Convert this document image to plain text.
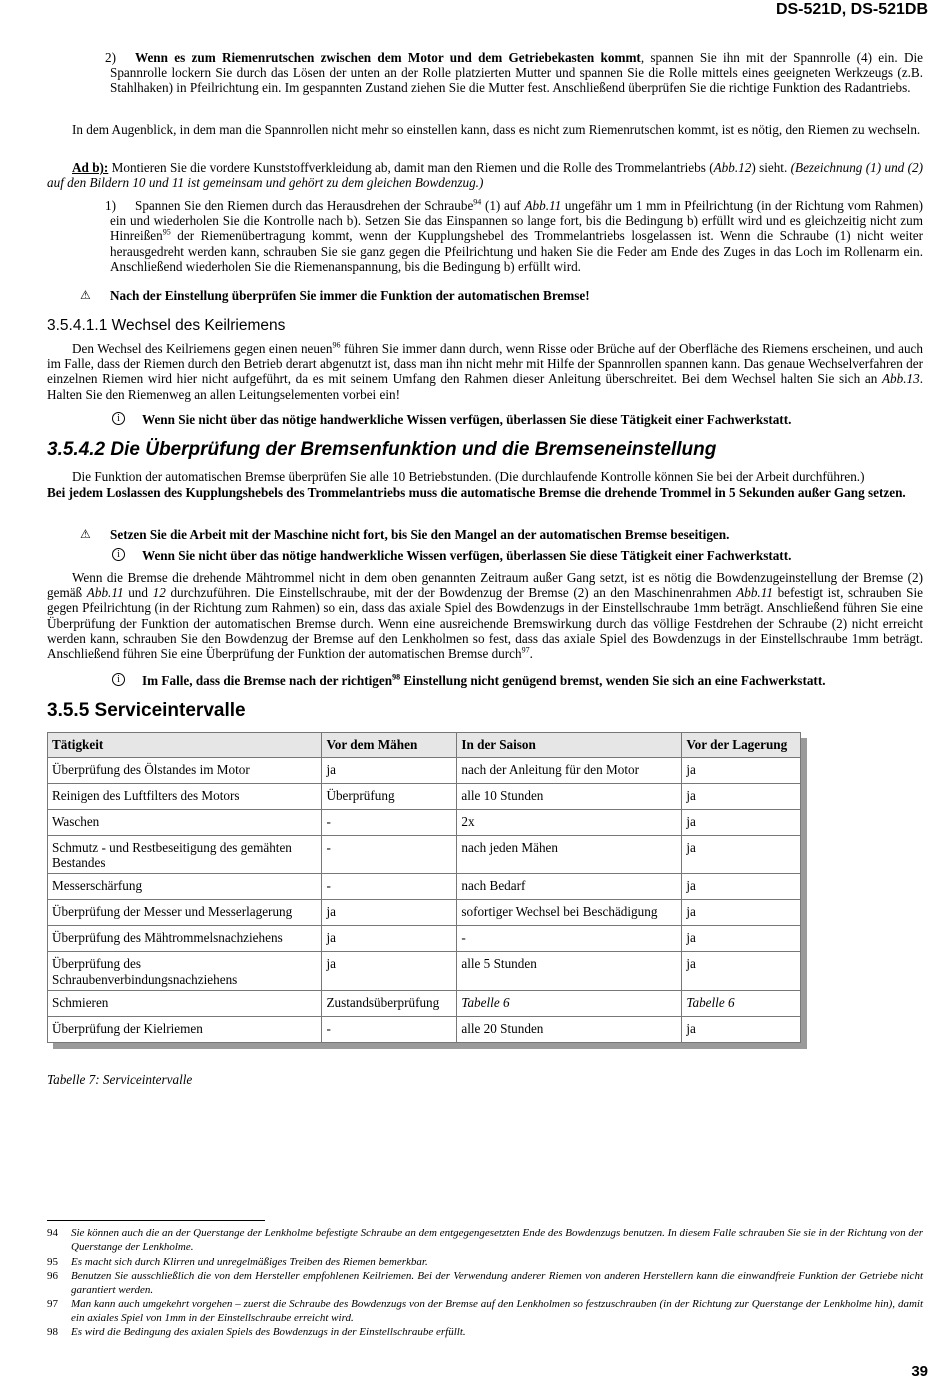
DS-521D, DS-521DB
2)	Wenn es zum Riemenrutschen zwischen dem Motor und dem Getriebekasten kommt, spannen Sie ihn mit der Spannrolle (4) ein. Die Spannrolle lockern Sie durch das Lösen der unten an der Rolle platzierten Mutter und spannen Sie die Rolle mittels eines geeigneten Werkzeugs (z.B. Stahlhaken) in Pfeilrichtung ein. Im gespannten Zustand ziehen Sie die Mutter fest. Anschließend überprüfen Sie die richtige Funktion des Radantriebs.

In dem Augenblick, in dem man die Spannrollen nicht mehr so einstellen kann, dass es nicht zum Riemenrutschen kommt, ist es nötig, den Riemen zu wechseln.

Ad b): Montieren Sie die vordere Kunststoffverkleidung ab, damit man den Riemen und die Rolle des Trommelantriebs (Abb.12) sieht. (Bezeichnung (1) und (2) auf den Bildern 10 und 11 ist gemeinsam und gehört zu dem gleichen Bowdenzug.)

1)	Spannen Sie den Riemen durch das Herausdrehen der Schraube$^{94}$ (1) auf Abb.11 ungefähr um 1 mm in Pfeilrichtung (in der Richtung vom Rahmen) ein und wiederholen Sie die Kontrolle nach b). Setzen Sie das Einspannen so lange fort, bis die Bedingung b) erfüllt wird und es gleichzeitig nicht zum Hinreißen$^{95}$ der Riemenübertragung kommt, wenn der Kupplungshebel des Trommelantriebs losgelassen ist. Wenn die Schraube (1) nicht weiter herausgedreht werden kann, schrauben Sie sie ganz gegen die Pfeilrichtung und haken Sie die Feder am Ende des Zuges in das Loch im Rollenarm ein. Anschließend wiederholen Sie die Riemenanspannung, bis die Bedingung b) erfüllt wird.

⚠ Nach der Einstellung überprüfen Sie immer die Funktion der automatischen Bremse!

3.5.4.1.1 Wechsel des Keilriemens

Den Wechsel des Keilriemens gegen einen neuen$^{96}$ führen Sie immer dann durch, wenn Risse oder Brüche auf der Oberfläche des Riemens erscheinen, und auch im Falle, dass der Riemen durch den Betrieb derart abgenutzt ist, dass man ihn nicht mehr mit Hilfe der Spannrollen spannen kann. Das genaue Wechselverfahren der einzelnen Riemen wird hier nicht aufgeführt, da es mit seinem Umfang den Rahmen dieser Anleitung überschreitet. Bei dem Wechsel halten Sie sich an Abb.13. Halten Sie den Riemenweg an allen Leitungselementen vorbei ein!

i	Wenn Sie nicht über das nötige handwerkliche Wissen verfügen, überlassen Sie diese Tätigkeit einer Fachwerkstatt.

3.5.4.2 Die Überprüfung der Bremsenfunktion und die Bremseneinstellung

Die Funktion der automatischen Bremse überprüfen Sie alle 10 Betriebstunden. (Die durchlaufende Kontrolle können Sie bei der Arbeit durchführen.)

Bei jedem Loslassen des Kupplungshebels des Trommelantriebs muss die automatische Bremse die drehende Trommel in 5 Sekunden außer Gang setzen.

⚠ Setzen Sie die Arbeit mit der Maschine nicht fort, bis Sie den Mangel an der automatischen Bremse beseitigen.

i	Wenn Sie nicht über das nötige handwerkliche Wissen verfügen, überlassen Sie diese Tätigkeit einer Fachwerkstatt.

Wenn die Bremse die drehende Mähtrommel nicht in dem oben genannten Zeitraum außer Gang setzt, ist es nötig die Bowdenzugeinstellung der Bremse (2) gemäß Abb.11 und 12 durchzuführen. Die Einstellschraube, mit der der Bowdenzug der Bremse (2) an den Maschinenrahmen Abb.11 befestigt ist, schrauben Sie gegen Pfeilrichtung (in der Richtung zum Rahmen) so ein, dass das axiale Spiel des Bowdenzugs in der Einstellschraube 1mm beträgt. Anschließend führen Sie eine Überprüfung der Funktion der automatischen Bremse durch. Wenn eine ausreichende Bremswirkung durch das völlige Festdrehen der Schraube (2) nicht erreicht werden kann, schrauben Sie den Bowdenzug der Bremse auf den Lenkholmen so fest, dass das axiale Spiel des Bowdenzugs in der Einstellschraube 1mm beträgt. Anschließend führen Sie eine Überprüfung der Funktion der automatischen Bremse durch$^{97}$.

i	Im Falle, dass die Bremse nach der richtigen$^{98}$ Einstellung nicht genügend bremst, wenden Sie sich an eine Fachwerkstatt.

3.5.5 Serviceintervalle
Tätigkeit	Vor dem Mähen	In der Saison	Vor der Lagerung
Überprüfung des Ölstandes im Motor	ja	nach der Anleitung für den Motor	ja
Reinigen des Luftfilters des Motors	Überprüfung	alle 10 Stunden	ja
Waschen	-	2x	ja
Schmutz - und Restbeseitigung des gemähten Bestandes	-	nach jeden Mähen	ja
Messerschärfung	-	nach Bedarf	ja
Überprüfung der Messer und Messerlagerung	ja	sofortiger Wechsel bei Beschädigung	ja
Überprüfung des Mähtrommelsnachziehens	ja	-	ja
Überprüfung des Schraubenverbindungsnachziehens	ja	alle 5 Stunden	ja
Schmieren	Zustandsüberprüfung	Tabelle 6	Tabelle 6
Überprüfung der Kielriemen	-	alle 20 Stunden	ja
Tabelle 7: Serviceintervalle
94 Sie können auch die an der Querstange der Lenkholme befestigte Schraube an dem entgegengesetzten Ende des Bowdenzugs benutzen. In diesem Falle schrauben Sie sie in der Richtung von der Querstange der Lenkholme.

95 Es macht sich durch Klirren und unregelmäßiges Treiben des Riemen bemerkbar.

96 Benutzen Sie ausschließlich die von dem Hersteller empfohlenen Keilriemen. Bei der Verwendung anderer Riemen von anderen Herstellern kann die einwandfreie Funktion der Getriebe nicht garantiert werden.

97 Man kann auch umgekehrt vorgehen – zuerst die Schraube des Bowdenzugs von der Bremse auf den Lenkholmen so festzuschrauben (in der Richtung zur Querstange der Lenkholme hin), damit ein axiales Spiel von 1mm in der Einstellschraube erreicht wird.

98 Es wird die Bedingung des axialen Spiels des Bowdenzugs in der Einstellschraube erfüllt.

39
